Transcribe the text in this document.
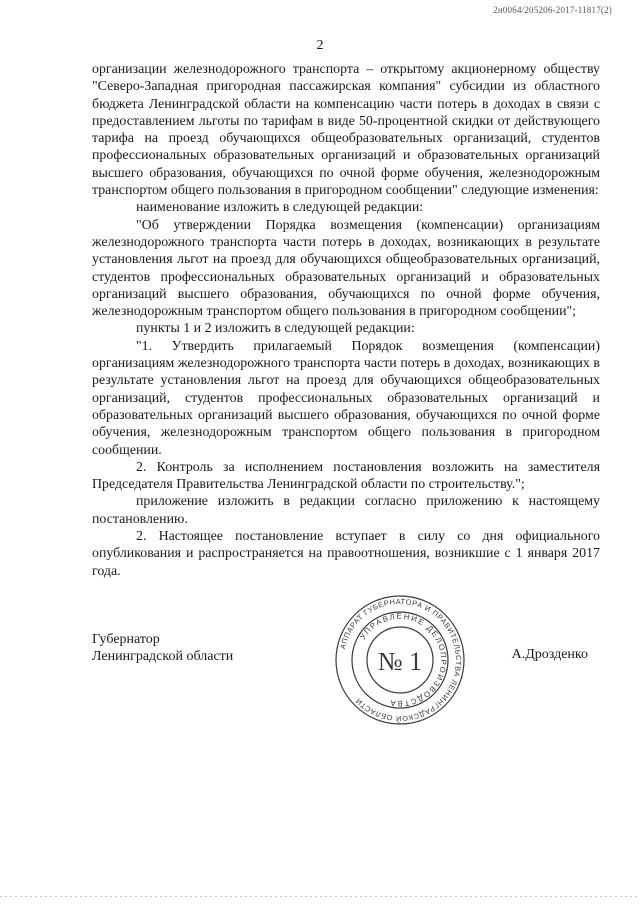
2н0064/205206-2017-11817(2)
2

организации железнодорожного транспорта – открытому акционерному обществу "Северо-Западная пригородная пассажирская компания" субсидии из областного бюджета Ленинградской области на компенсацию части потерь в доходах в связи с предоставлением льготы по тарифам в виде 50-процентной скидки от действующего тарифа на проезд обучающихся общеобразовательных организаций, студентов профессиональных образовательных организаций и образовательных организаций высшего образования, обучающихся по очной форме обучения, железнодорожным транспортом общего пользования в пригородном сообщении" следующие изменения:

наименование изложить в следующей редакции:

"Об утверждении Порядка возмещения (компенсации) организациям железнодорожного транспорта части потерь в доходах, возникающих в результате установления льгот на проезд для обучающихся общеобразовательных организаций, студентов профессиональных образовательных организаций и образовательных организаций высшего образования, обучающихся по очной форме обучения, железнодорожным транспортом общего пользования в пригородном сообщении";

пункты 1 и 2 изложить в следующей редакции:

"1. Утвердить прилагаемый Порядок возмещения (компенсации) организациям железнодорожного транспорта части потерь в доходах, возникающих в результате установления льгот на проезд для обучающихся общеобразовательных организаций, студентов профессиональных образовательных организаций и образовательных организаций высшего образования, обучающихся по очной форме обучения, железнодорожным транспортом общего пользования в пригородном сообщении.

2. Контроль за исполнением постановления возложить на заместителя Председателя Правительства Ленинградской области по строительству.";

приложение изложить в редакции согласно приложению к настоящему постановлению.

2. Настоящее постановление вступает в силу со дня официального опубликования и распространяется на правоотношения, возникшие с 1 января 2017 года.

Губернатор
Ленинградской области	А.Дрозденко
АППАРАТ ГУБЕРНАТОРА И ПРАВИТЕЛЬСТВА ЛЕНИНГРАДСКОЙ ОБЛАСТИ
УПРАВЛЕНИЕ ДЕЛОПРОИЗВОДСТВА
№ 1
